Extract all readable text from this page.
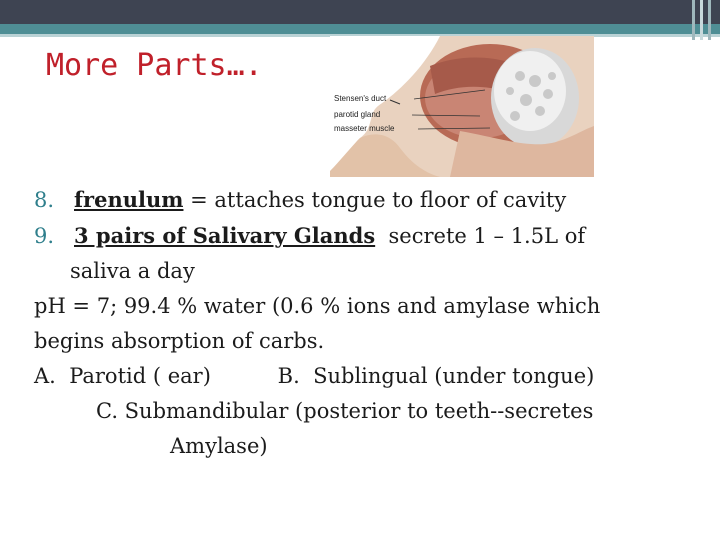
More Parts….
Stensen's duct
parotid gland
masseter muscle
8. frenulum = attaches tongue to floor of cavity
9. 3 pairs of Salivary Glands  secrete 1 – 1.5L of
saliva a day
pH = 7; 99.4 % water (0.6 % ions and amylase which
begins absorption of carbs.
A.  Parotid ( ear)          B.  Sublingual (under tongue)
C. Submandibular (posterior to teeth--secretes
Amylase)
